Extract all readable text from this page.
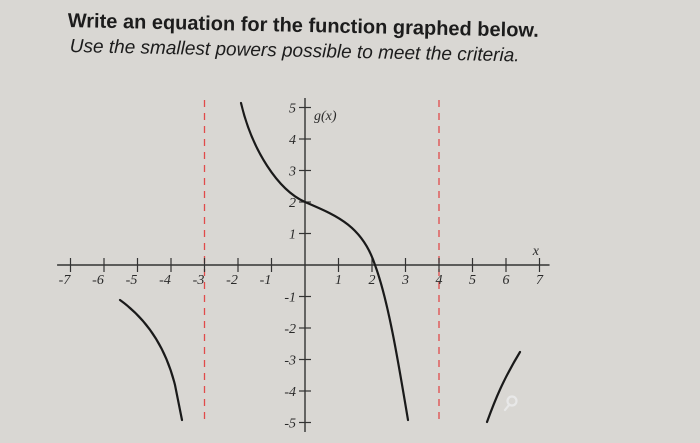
Write an equation for the function graphed below.
Use the smallest powers possible to meet the criteria.
-7 -6 -5 -4 -3 -2 -1	1 2 3 4 5 6 7
5
4
3
2
1
-1
-2
-3
-4
-5
g(x)
x
